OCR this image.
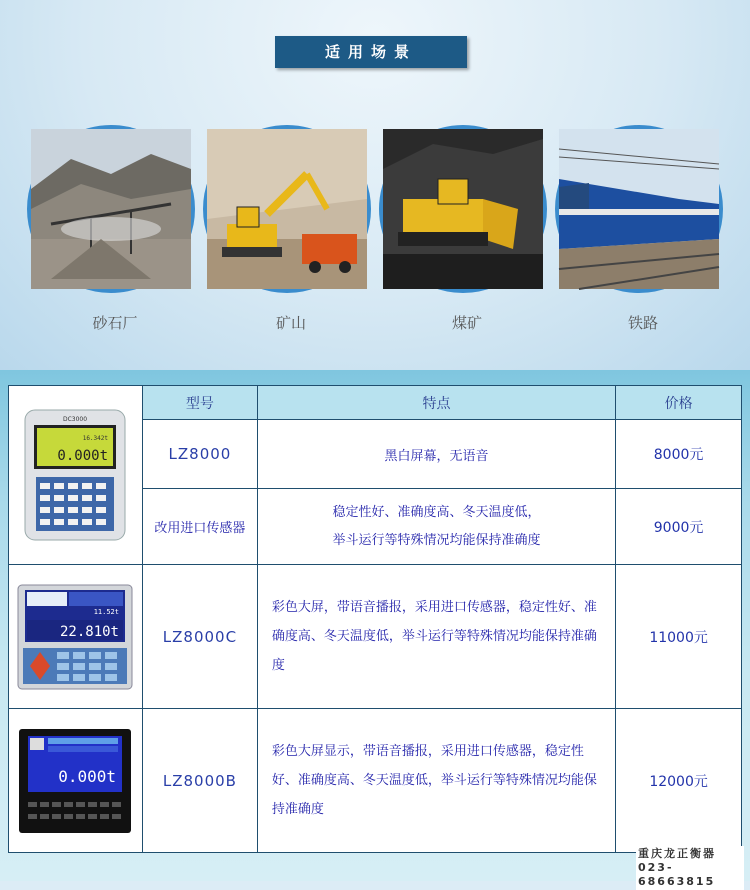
适用场景
砂石厂	矿山	煤矿	铁路
DC3000
16.342t
0.000t	型号	特点	价格
	LZ8000	黑白屏幕，无语音	8000元
	改用进口传感器	稳定性好、准确度高、冬天温度低，
举斗运行等特殊情况均能保持准确度	9000元

11.52t
22.810t	LZ8000C	彩色大屏，带语音播报，采用进口传感器，稳定性好、准确度高、冬天温度低，举斗运行等特殊情况均能保持准确度	11000元

0.000t	LZ8000B	彩色大屏显示，带语音播报，采用进口传感器，稳定性好、准确度高、冬天温度低，举斗运行等特殊情况均能保持准确度	12000元
重庆龙正衡器
023-68663815
